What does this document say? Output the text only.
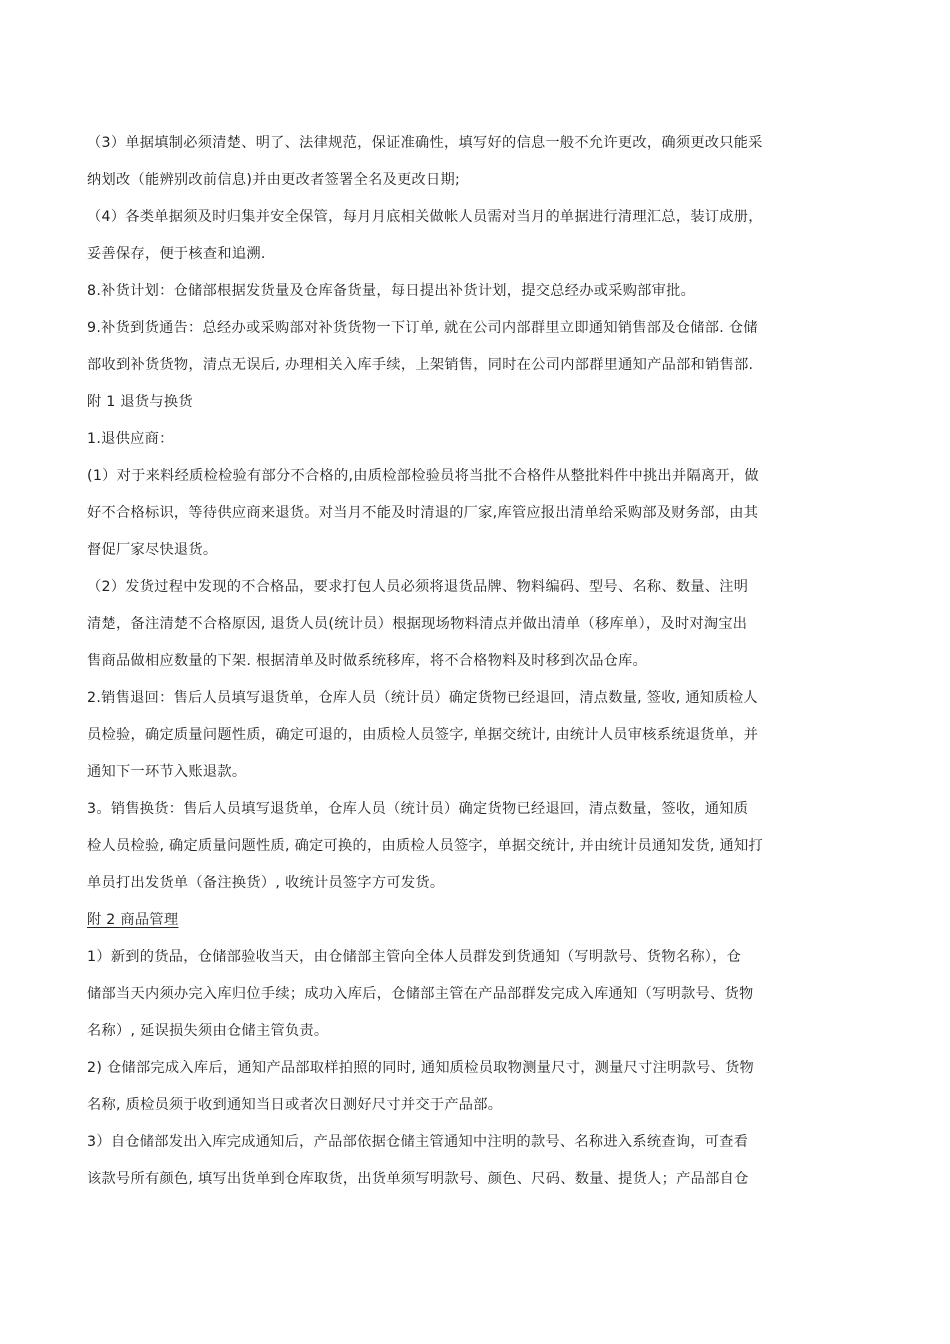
（3）单据填制必须清楚、明了、法律规范，保证准确性，填写好的信息一般不允许更改，确须更改只能采
纳划改（能辨别改前信息)并由更改者签署全名及更改日期;
（4）各类单据须及时归集并安全保管，每月月底相关做帐人员需对当月的单据进行清理汇总，装订成册，
妥善保存，便于核查和追溯.
8.补货计划：仓储部根据发货量及仓库备货量，每日提出补货计划，提交总经办或采购部审批。
9.补货到货通告：总经办或采购部对补货货物一下订单, 就在公司内部群里立即通知销售部及仓储部. 仓储
部收到补货货物，清点无误后, 办理相关入库手续，上架销售，同时在公司内部群里通知产品部和销售部.
附 1 退货与换货
1.退供应商：
(1）对于来料经质检检验有部分不合格的,由质检部检验员将当批不合格件从整批料件中挑出并隔离开，做
好不合格标识，等待供应商来退货。对当月不能及时清退的厂家,库管应报出清单给采购部及财务部，由其
督促厂家尽快退货。
（2）发货过程中发现的不合格品，要求打包人员必须将退货品牌、物料编码、型号、名称、数量、注明
清楚，备注清楚不合格原因, 退货人员(统计员）根据现场物料清点并做出清单（移库单），及时对淘宝出
售商品做相应数量的下架. 根据清单及时做系统移库，将不合格物料及时移到次品仓库。
2.销售退回：售后人员填写退货单，仓库人员（统计员）确定货物已经退回，清点数量, 签收, 通知质检人
员检验，确定质量问题性质，确定可退的，由质检人员签字, 单据交统计, 由统计人员审核系统退货单，并
通知下一环节入账退款。
3。销售换货：售后人员填写退货单，仓库人员（统计员）确定货物已经退回，清点数量，签收，通知质
检人员检验, 确定质量问题性质, 确定可换的，由质检人员签字，单据交统计, 并由统计员通知发货, 通知打
单员打出发货单（备注换货）, 收统计员签字方可发货。
附 2 商品管理
1）新到的货品，仓储部验收当天，由仓储部主管向全体人员群发到货通知（写明款号、货物名称），仓
储部当天内须办完入库归位手续；成功入库后，仓储部主管在产品部群发完成入库通知（写明款号、货物
名称）, 延误损失须由仓储主管负责。
2) 仓储部完成入库后，通知产品部取样拍照的同时, 通知质检员取物测量尺寸，测量尺寸注明款号、货物
名称, 质检员须于收到通知当日或者次日测好尺寸并交于产品部。
3）自仓储部发出入库完成通知后，产品部依据仓储主管通知中注明的款号、名称进入系统查询，可查看
该款号所有颜色, 填写出货单到仓库取货，出货单须写明款号、颜色、尺码、数量、提货人；产品部自仓
